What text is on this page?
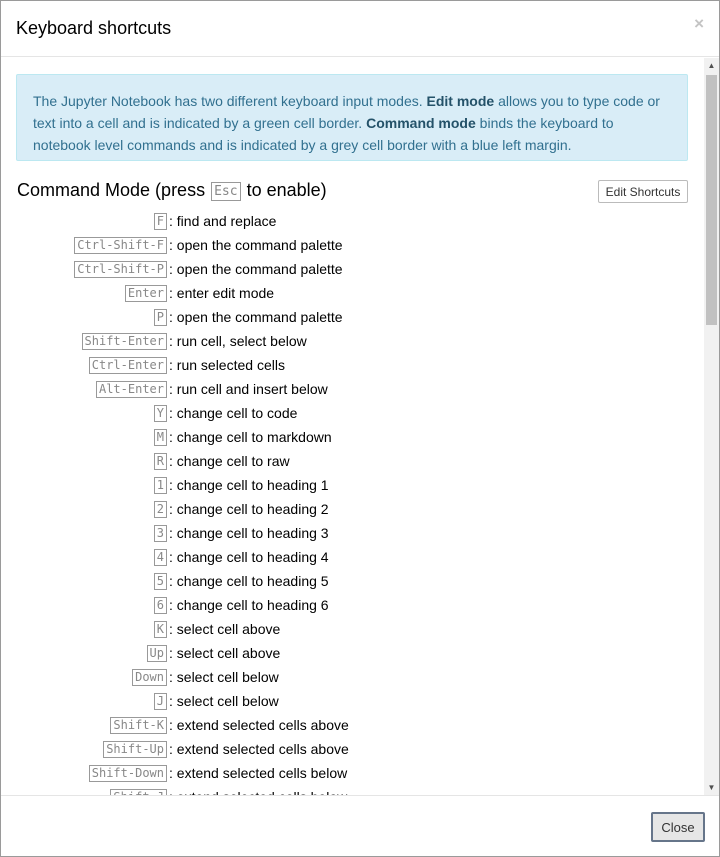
Keyboard shortcuts	×
The Jupyter Notebook has two different keyboard input modes. Edit mode allows you to type code or text into a cell and is indicated by a green cell border. Command mode binds the keyboard to notebook level commands and is indicated by a grey cell border with a blue left margin.
Command Mode (press Esc to enable)	Edit Shortcuts
F : find and replace
Ctrl-Shift-F : open the command palette
Ctrl-Shift-P : open the command palette
Enter : enter edit mode
P : open the command palette
Shift-Enter : run cell, select below
Ctrl-Enter : run selected cells
Alt-Enter : run cell and insert below
Y : change cell to code
M : change cell to markdown
R : change cell to raw
1 : change cell to heading 1
2 : change cell to heading 2
3 : change cell to heading 3
4 : change cell to heading 4
5 : change cell to heading 5
6 : change cell to heading 6
K : select cell above
Up : select cell above
Down : select cell below
J : select cell below
Shift-K : extend selected cells above
Shift-Up : extend selected cells above
Shift-Down : extend selected cells below
▲
▼
Close
